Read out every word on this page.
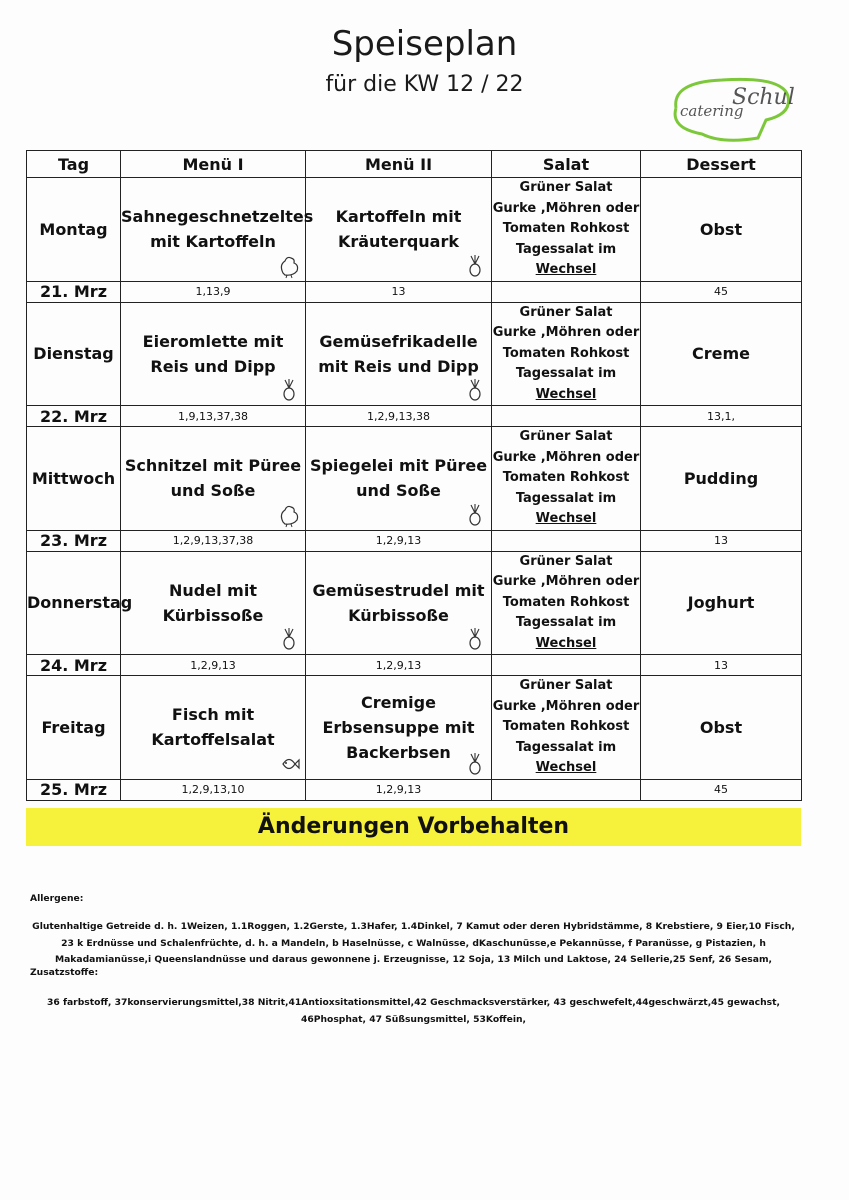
Speiseplan
für die KW 12 / 22
Schul
catering
Tag	Menü I	Menü II	Salat	Dessert
Montag	Sahnegeschnetzeltes mit Kartoffeln	Kartoffeln mit Kräuterquark	Grüner Salat
Gurke ,Möhren oder
Tomaten Rohkost
Tagessalat im
Wechsel	Obst
21. Mrz	1,13,9	13		45
Dienstag	Eieromlette mit Reis und Dipp	Gemüsefrikadelle mit Reis und Dipp	Grüner Salat
Gurke ,Möhren oder
Tomaten Rohkost
Tagessalat im
Wechsel	Creme
22. Mrz	1,9,13,37,38	1,2,9,13,38		13,1,
Mittwoch	Schnitzel mit Püree und Soße	Spiegelei mit Püree und Soße	Grüner Salat
Gurke ,Möhren oder
Tomaten Rohkost
Tagessalat im
Wechsel	Pudding
23. Mrz	1,2,9,13,37,38	1,2,9,13		13
Donnerstag	Nudel mit Kürbissoße	Gemüsestrudel mit Kürbissoße	Grüner Salat
Gurke ,Möhren oder
Tomaten Rohkost
Tagessalat im
Wechsel	Joghurt
24. Mrz	1,2,9,13	1,2,9,13		13
Freitag	Fisch mit Kartoffelsalat	Cremige Erbsensuppe mit Backerbsen	Grüner Salat
Gurke ,Möhren oder
Tomaten Rohkost
Tagessalat im
Wechsel	Obst
25. Mrz	1,2,9,13,10	1,2,9,13		45
Änderungen Vorbehalten
Allergene:
Glutenhaltige Getreide d. h. 1Weizen, 1.1Roggen, 1.2Gerste, 1.3Hafer, 1.4Dinkel, 7 Kamut oder deren Hybridstämme, 8 Krebstiere, 9 Eier,10 Fisch, 23 k Erdnüsse und Schalenfrüchte, d. h. a Mandeln, b Haselnüsse, c Walnüsse, dKaschunüsse,e Pekannüsse, f Paranüsse, g Pistazien, h Makadamianüsse,i Queenslandnüsse und daraus gewonnene j. Erzeugnisse, 12 Soja, 13 Milch und Laktose, 24 Sellerie,25 Senf, 26 Sesam,
Zusatzstoffe:
36 farbstoff, 37konservierungsmittel,38 Nitrit,41Antioxsitationsmittel,42 Geschmacksverstärker, 43 geschwefelt,44geschwärzt,45 gewachst, 46Phosphat, 47 Süßsungsmittel, 53Koffein,
